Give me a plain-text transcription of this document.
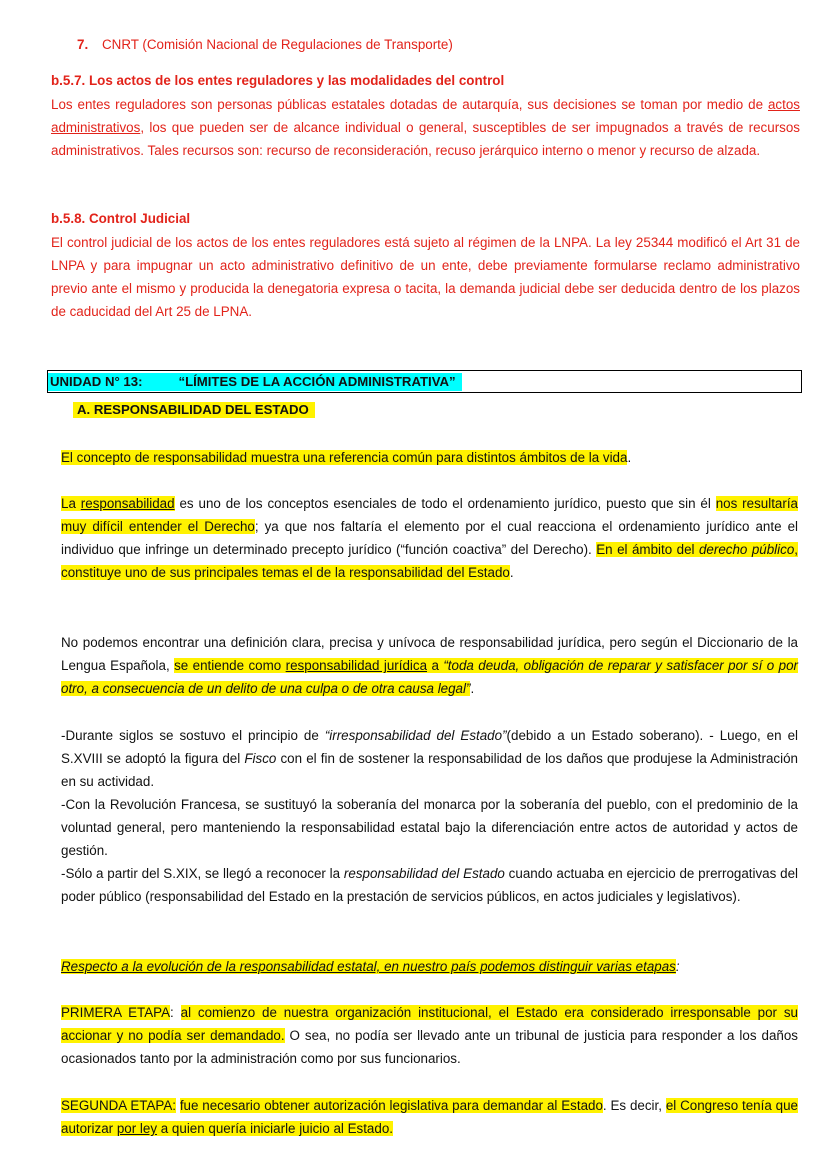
7. CNRT (Comisión Nacional de Regulaciones de Transporte)
b.5.7. Los actos de los entes reguladores y las modalidades del control
Los entes reguladores son personas públicas estatales dotadas de autarquía, sus decisiones se toman por medio de actos administrativos, los que pueden ser de alcance individual o general, susceptibles de ser impugnados a través de recursos administrativos. Tales recursos son: recurso de reconsideración, recuso jerárquico interno o menor y recurso de alzada.
b.5.8. Control Judicial
El control judicial de los actos de los entes reguladores está sujeto al régimen de la LNPA. La ley 25344 modificó el Art 31 de LNPA y para impugnar un acto administrativo definitivo de un ente, debe previamente formularse reclamo administrativo previo ante el mismo y producida la denegatoria expresa o tacita, la demanda judicial debe ser deducida dentro de los plazos de caducidad del Art 25 de LPNA.
UNIDAD N° 13:	“LÍMITES DE LA ACCIÓN ADMINISTRATIVA”
A. RESPONSABILIDAD DEL ESTADO
El concepto de responsabilidad muestra una referencia común para distintos ámbitos de la vida.
La responsabilidad es uno de los conceptos esenciales de todo el ordenamiento jurídico, puesto que sin él nos resultaría muy difícil entender el Derecho; ya que nos faltaría el elemento por el cual reacciona el ordenamiento jurídico ante el individuo que infringe un determinado precepto jurídico (“función coactiva” del Derecho). En el ámbito del derecho público, constituye uno de sus principales temas el de la responsabilidad del Estado.
No podemos encontrar una definición clara, precisa y unívoca de responsabilidad jurídica, pero según el Diccionario de la Lengua Española, se entiende como responsabilidad jurídica a “toda deuda, obligación de reparar y satisfacer por sí o por otro, a consecuencia de un delito de una culpa o de otra causa legal”.
-Durante siglos se sostuvo el principio de “irresponsabilidad del Estado”(debido a un Estado soberano). - Luego, en el S.XVIII se adoptó la figura del Fisco con el fin de sostener la responsabilidad de los daños que produjese la Administración en su actividad.
-Con la Revolución Francesa, se sustituyó la soberanía del monarca por la soberanía del pueblo, con el predominio de la voluntad general, pero manteniendo la responsabilidad estatal bajo la diferenciación entre actos de autoridad y actos de gestión.
-Sólo a partir del S.XIX, se llegó a reconocer la responsabilidad del Estado cuando actuaba en ejercicio de prerrogativas del poder público (responsabilidad del Estado en la prestación de servicios públicos, en actos judiciales y legislativos).
Respecto a la evolución de la responsabilidad estatal, en nuestro país podemos distinguir varias etapas:
PRIMERA ETAPA: al comienzo de nuestra organización institucional, el Estado era considerado irresponsable por su accionar y no podía ser demandado. O sea, no podía ser llevado ante un tribunal de justicia para responder a los daños ocasionados tanto por la administración como por sus funcionarios.
SEGUNDA ETAPA: fue necesario obtener autorización legislativa para demandar al Estado. Es decir, el Congreso tenía que autorizar por ley a quien quería iniciarle juicio al Estado.
